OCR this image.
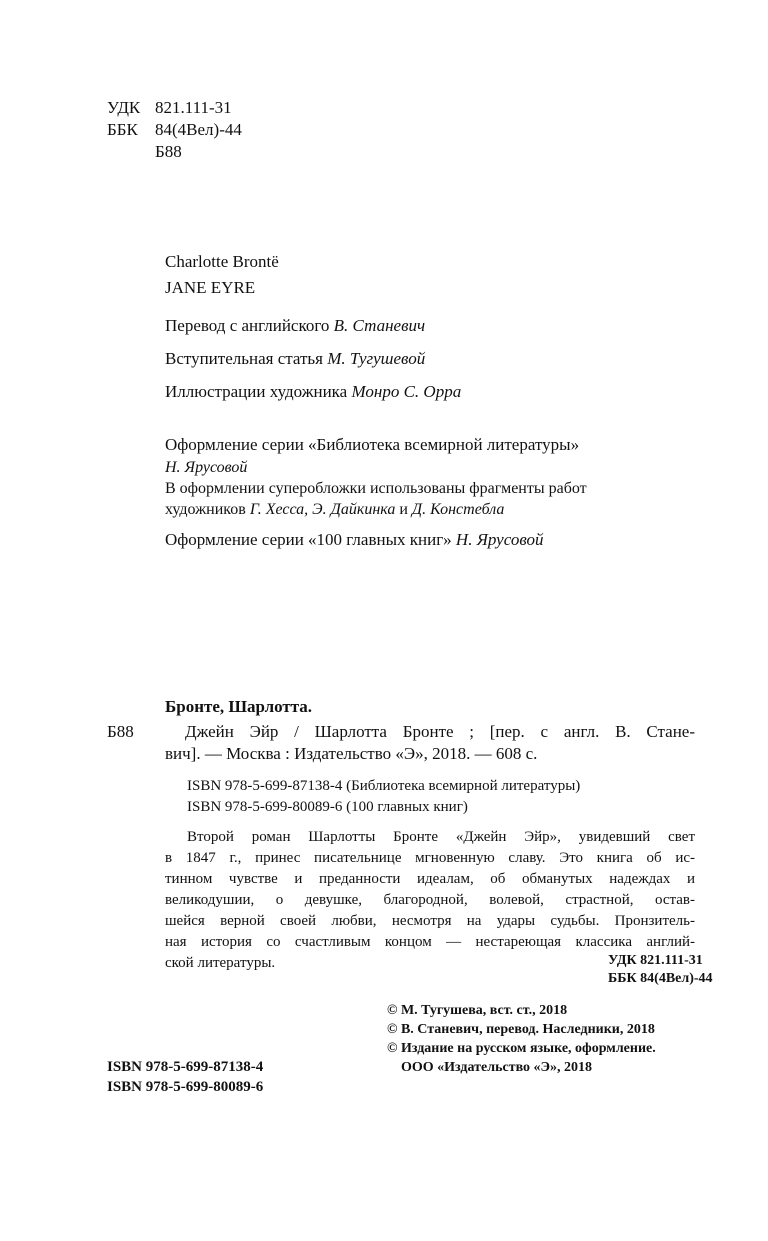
УДК 821.111-31
ББК 84(4Вел)-44
Б88
Charlotte Brontë
JANE EYRE
Перевод с английского В. Станевич
Вступительная статья М. Тугушевой
Иллюстрации художника Монро С. Орра
Оформление серии «Библиотека всемирной литературы»
Н. Ярусовой
В оформлении суперобложки использованы фрагменты работ
художников Г. Хесса, Э. Дайкинка и Д. Констебла
Оформление серии «100 главных книг» Н. Ярусовой
Бронте, Шарлотта.
Б88	Джейн Эйр / Шарлотта Бронте ; [пер. с англ. В. Стане-
вич]. — Москва : Издательство «Э», 2018. — 608 с.
ISBN 978-5-699-87138-4 (Библиотека всемирной литературы)
ISBN 978-5-699-80089-6 (100 главных книг)
Второй роман Шарлотты Бронте «Джейн Эйр», увидевший свет
в 1847 г., принес писательнице мгновенную славу. Это книга об ис-
тинном чувстве и преданности идеалам, об обманутых надеждах и
великодушии, о девушке, благородной, волевой, страстной, остав-
шейся верной своей любви, несмотря на удары судьбы. Пронзитель-
ная история со счастливым концом — нестареющая классика англий-
ской литературы.	УДК 821.111-31
ББК 84(4Вел)-44
ISBN 978-5-699-87138-4
ISBN 978-5-699-80089-6
© М. Тугушева, вст. ст., 2018
© В. Станевич, перевод. Наследники, 2018
© Издание на русском языке, оформление.
ООО «Издательство «Э», 2018
